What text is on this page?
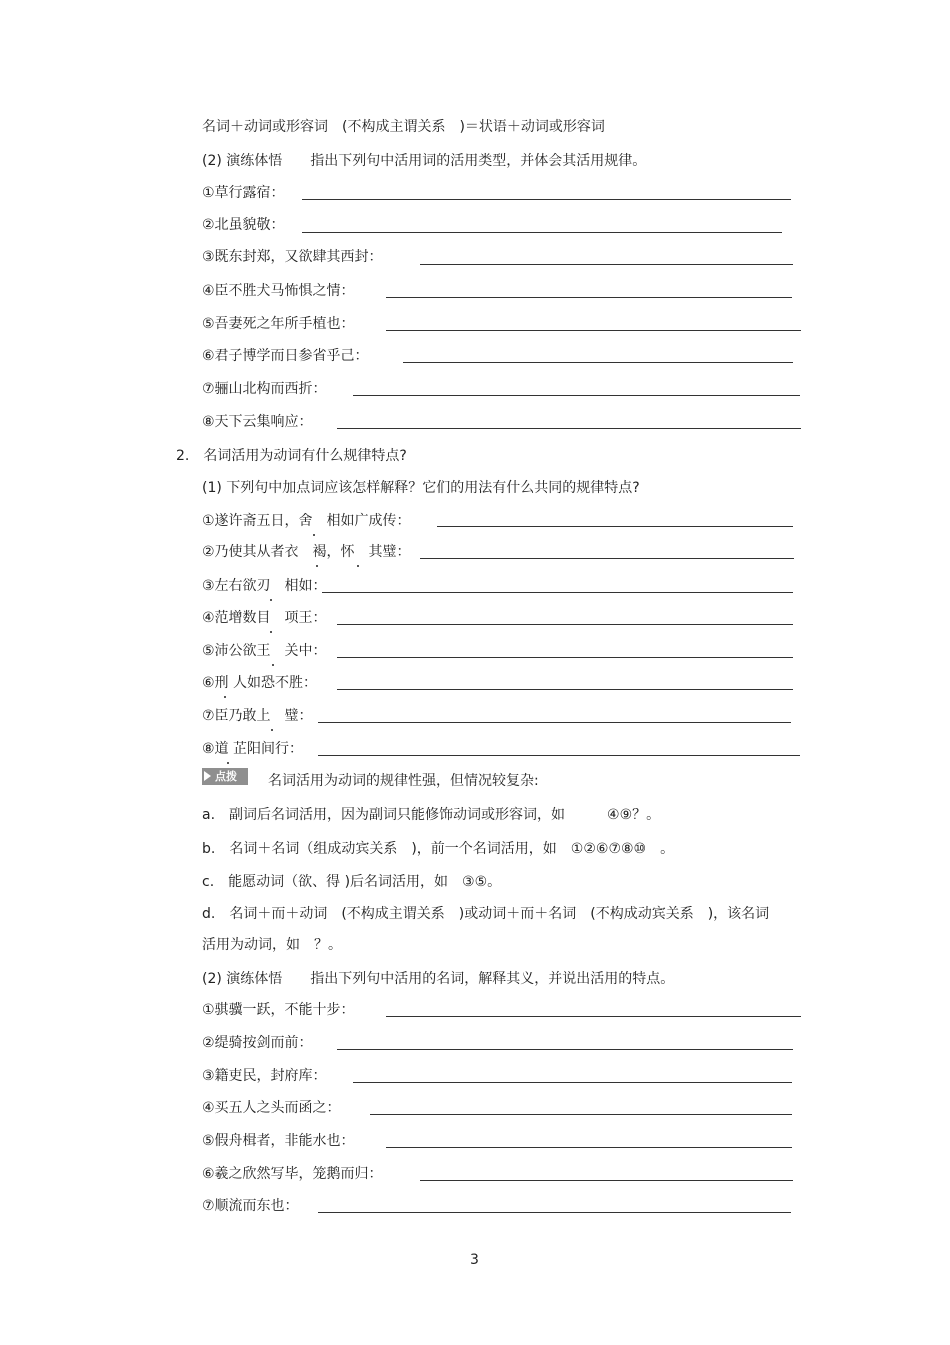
名词＋动词或形容词　(不构成主谓关系　)＝状语＋动词或形容词
(2) 演练体悟　　指出下列句中活用词的活用类型，并体会其活用规律。
①草行露宿：
②北虽貌敬：
③既东封郑，又欲肆其西封：
④臣不胜犬马怖惧之情：
⑤吾妻死之年所手植也：
⑥君子博学而日参省乎己：
⑦骊山北构而西折：
⑧天下云集响应：
2.　名词活用为动词有什么规律特点?
(1) 下列句中加点词应该怎样解释？它们的用法有什么共同的规律特点?
①遂许斋五日，舍　相如广成传：
②乃使其从者衣　褐，怀　其璧：
③左右欲刃　相如：
④范增数目　项王：
⑤沛公欲王　关中：
⑥刑 人如恐不胜：
⑦臣乃敢上　璧：
⑧道 芷阳间行：
点拨 名词活用为动词的规律性强，但情况较复杂:
a.　副词后名词活用，因为副词只能修饰动词或形容词，如　　　④⑨？。
b.　名词＋名词（组成动宾关系　)，前一个名词活用，如　①②⑥⑦⑧⑩　。
c.　能愿动词（欲、得 )后名词活用，如　③⑤。
d.　名词＋而＋动词　(不构成主谓关系　)或动词＋而＋名词　(不构成动宾关系　)，该名词
活用为动词，如　？。
(2) 演练体悟　　指出下列句中活用的名词，解释其义，并说出活用的特点。
①骐骥一跃，不能十步：
②缇骑按剑而前：
③籍吏民，封府库：
④买五人之头而函之：
⑤假舟楫者，非能水也：
⑥羲之欣然写毕，笼鹅而归：
⑦顺流而东也：
3
